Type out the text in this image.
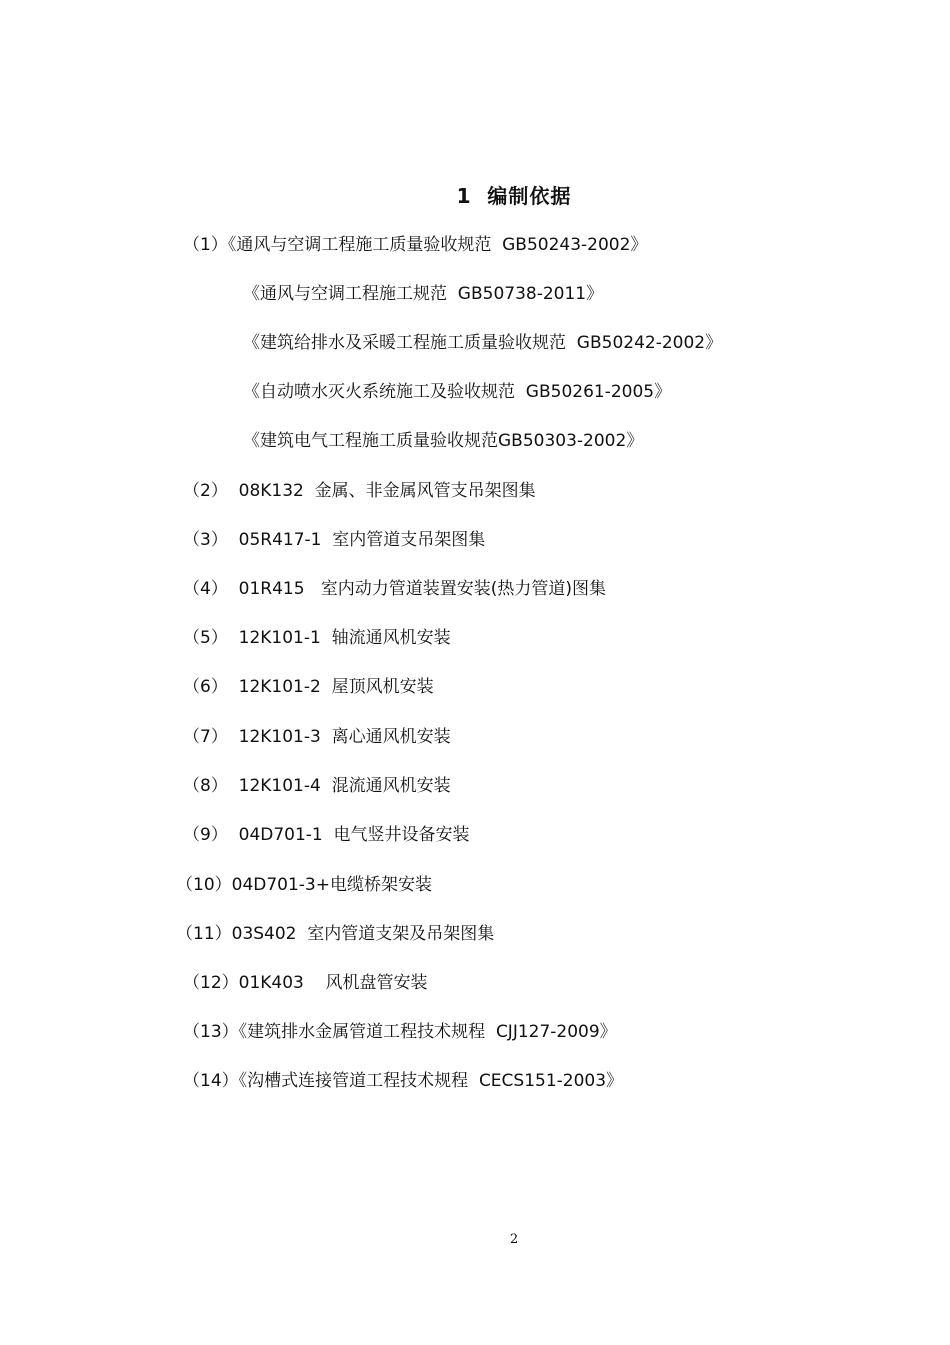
1  编制依据
（1）《通风与空调工程施工质量验收规范  GB50243-2002》
《通风与空调工程施工规范  GB50738-2011》
《建筑给排水及采暖工程施工质量验收规范  GB50242-2002》
《自动喷水灭火系统施工及验收规范  GB50261-2005》
《建筑电气工程施工质量验收规范GB50303-2002》
（2）  08K132  金属、非金属风管支吊架图集
（3）  05R417-1  室内管道支吊架图集
（4）  01R415   室内动力管道装置安装(热力管道)图集
（5）  12K101-1  轴流通风机安装
（6）  12K101-2  屋顶风机安装
（7）  12K101-3  离心通风机安装
（8）  12K101-4  混流通风机安装
（9）  04D701-1  电气竖井设备安装
（10）04D701-3+电缆桥架安装
（11）03S402  室内管道支架及吊架图集
（12）01K403    风机盘管安装
（13）《建筑排水金属管道工程技术规程  CJJ127-2009》
（14）《沟槽式连接管道工程技术规程  CECS151-2003》
2
